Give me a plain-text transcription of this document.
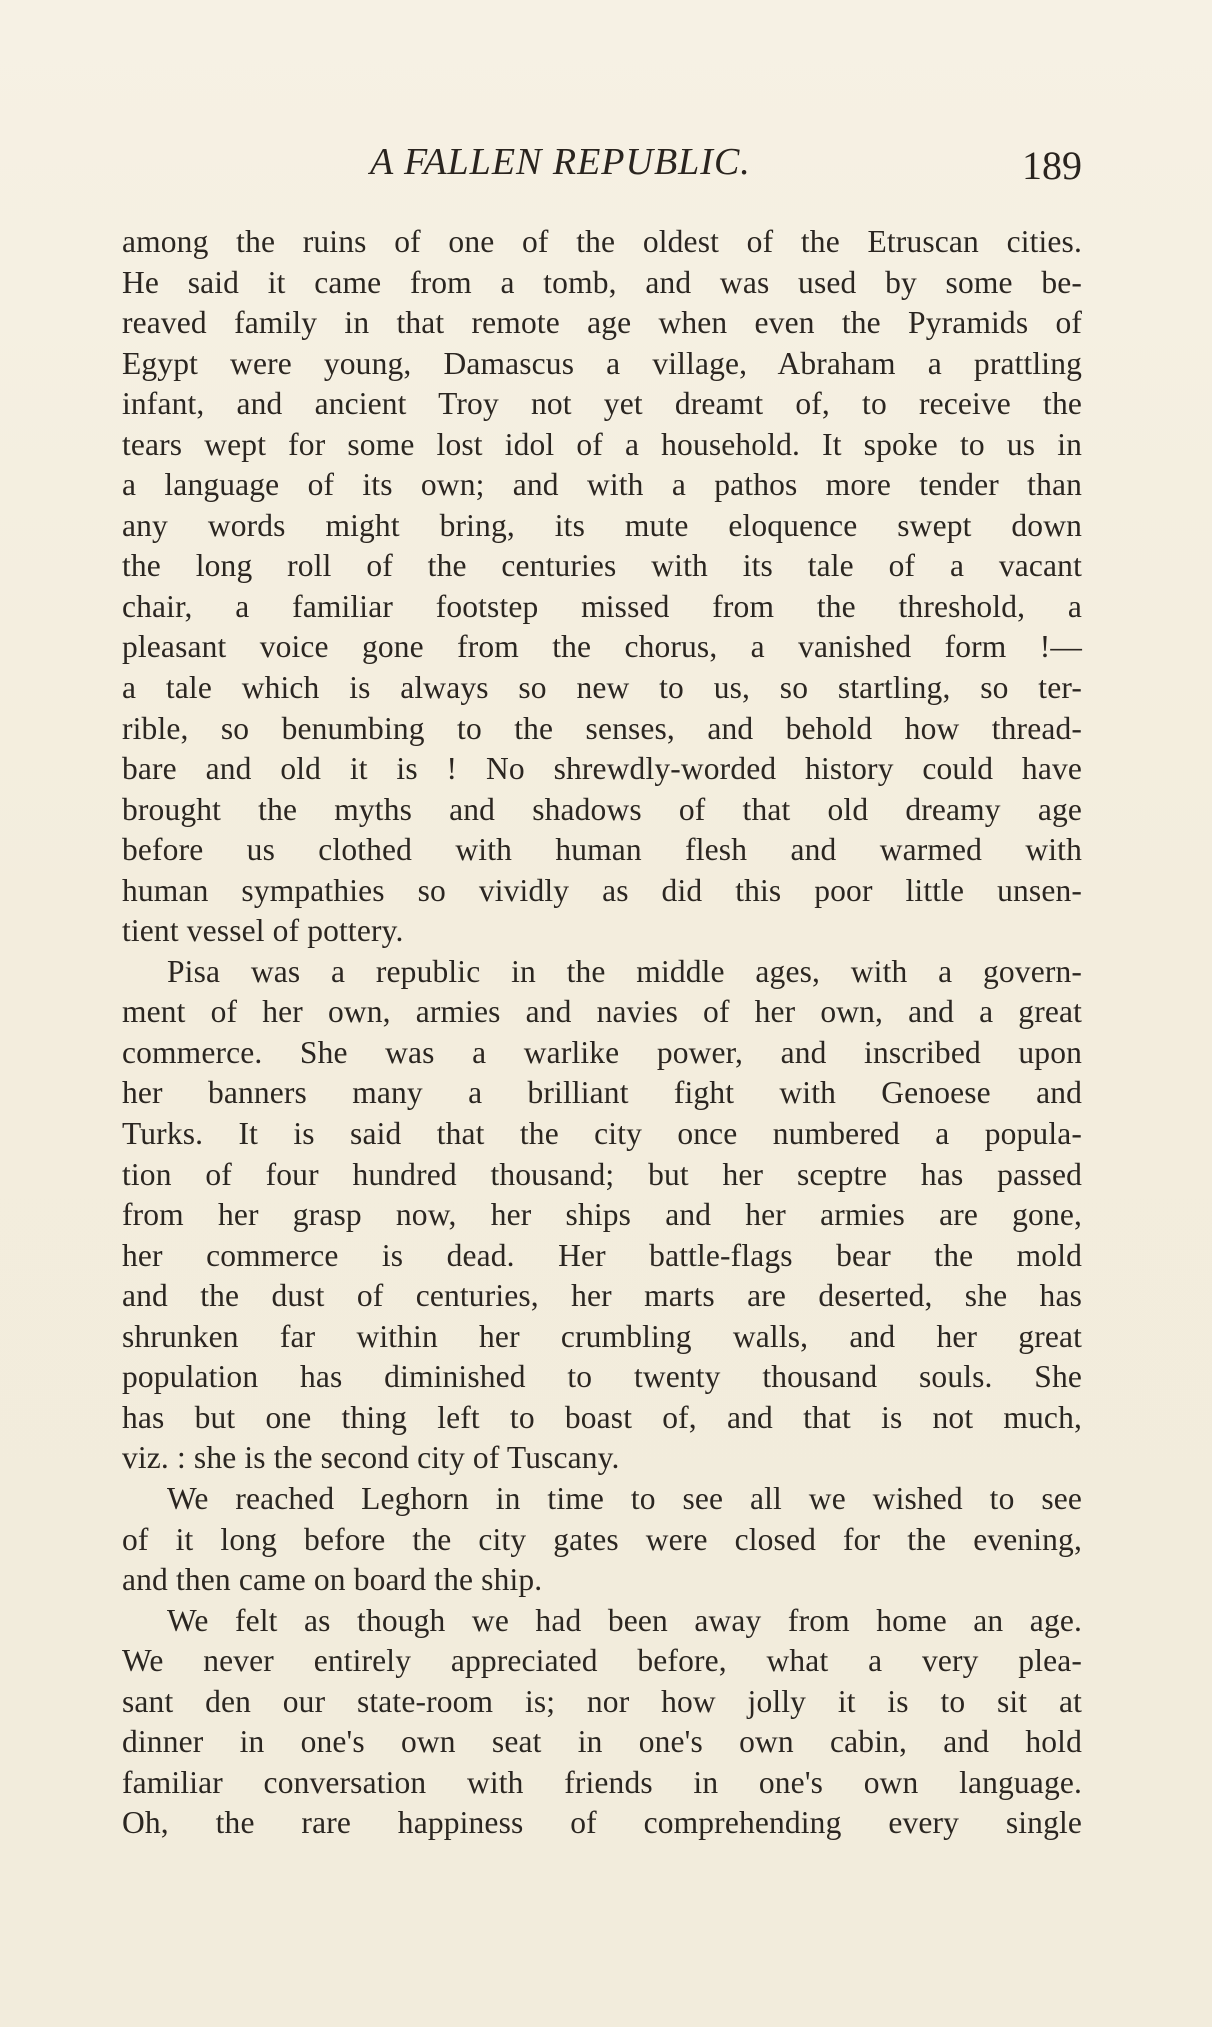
A FALLEN REPUBLIC.	189
among the ruins of one of the oldest of the Etruscan cities.
He said it came from a tomb, and was used by some be-
reaved family in that remote age when even the Pyramids of
Egypt were young, Damascus a village, Abraham a prattling
infant, and ancient Troy not yet dreamt of, to receive the
tears wept for some lost idol of a household. It spoke to us in
a language of its own; and with a pathos more tender than
any words might bring, its mute eloquence swept down
the long roll of the centuries with its tale of a vacant
chair, a familiar footstep missed from the threshold, a
pleasant voice gone from the chorus, a vanished form !—
a tale which is always so new to us, so startling, so ter-
rible, so benumbing to the senses, and behold how thread-
bare and old it is ! No shrewdly-worded history could have
brought the myths and shadows of that old dreamy age
before us clothed with human flesh and warmed with
human sympathies so vividly as did this poor little unsen-
tient vessel of pottery.
Pisa was a republic in the middle ages, with a govern-
ment of her own, armies and navies of her own, and a great
commerce. She was a warlike power, and inscribed upon
her banners many a brilliant fight with Genoese and
Turks. It is said that the city once numbered a popula-
tion of four hundred thousand; but her sceptre has passed
from her grasp now, her ships and her armies are gone,
her commerce is dead. Her battle-flags bear the mold
and the dust of centuries, her marts are deserted, she has
shrunken far within her crumbling walls, and her great
population has diminished to twenty thousand souls. She
has but one thing left to boast of, and that is not much,
viz. : she is the second city of Tuscany.
We reached Leghorn in time to see all we wished to see
of it long before the city gates were closed for the evening,
and then came on board the ship.
We felt as though we had been away from home an age.
We never entirely appreciated before, what a very plea-
sant den our state-room is; nor how jolly it is to sit at
dinner in one's own seat in one's own cabin, and hold
familiar conversation with friends in one's own language.
Oh, the rare happiness of comprehending every single
